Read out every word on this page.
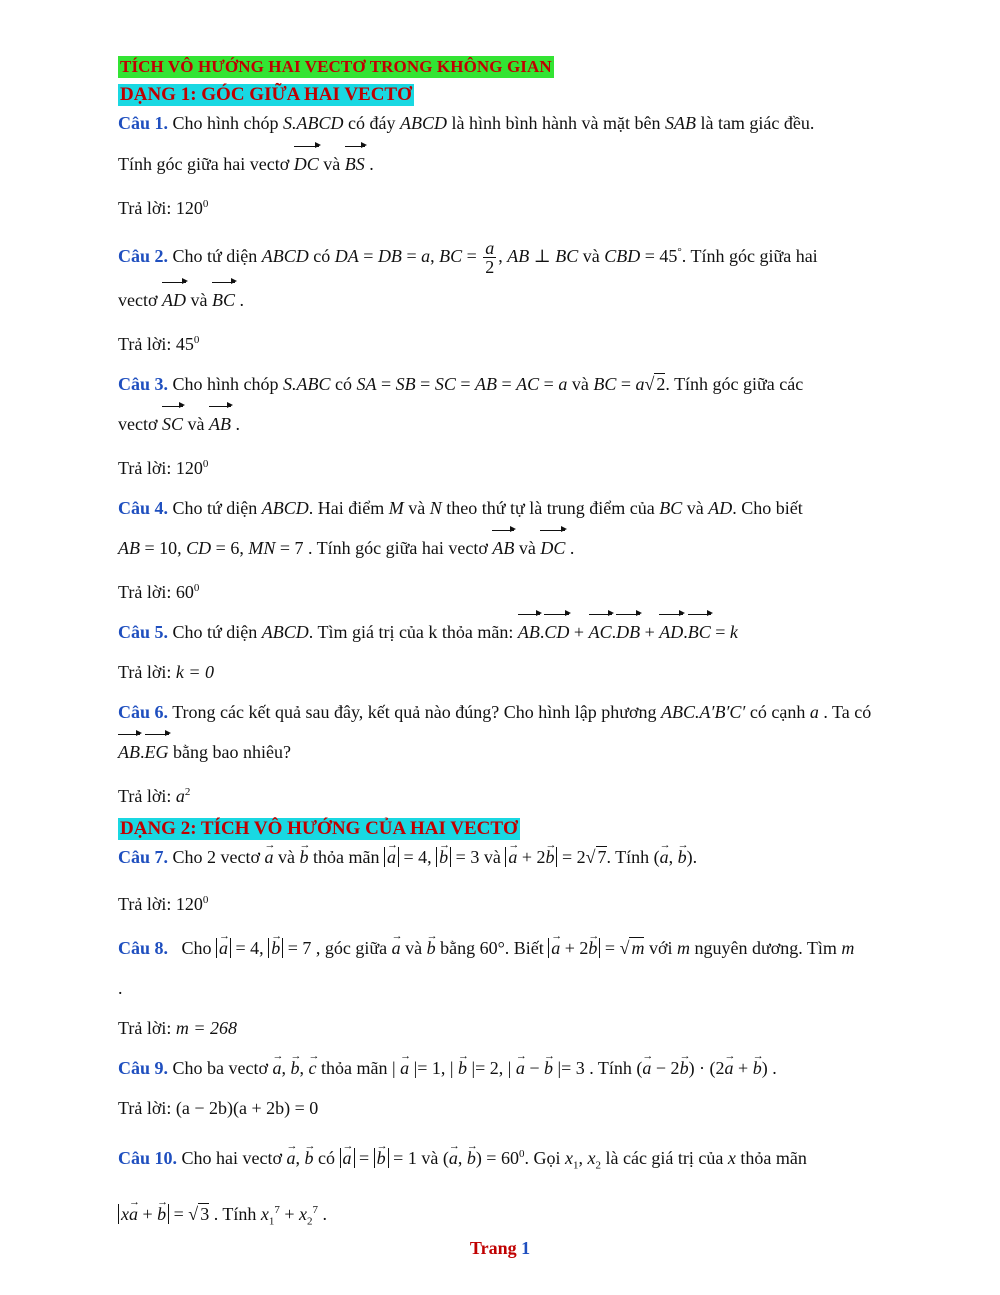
TÍCH VÔ HƯỚNG HAI VECTƠ TRONG KHÔNG GIAN
DẠNG 1: GÓC GIỮA HAI VECTƠ
Câu 1. Cho hình chóp S.ABCD có đáy ABCD là hình bình hành và mặt bên SAB là tam giác đều.
Tính góc giữa hai vectơ DC và BS .
Trả lời: $120^0$
Câu 2. Cho tứ diện ABCD có DA = DB = a, BC = $\frac{a}{2}$ , AB ⊥ BC và CBD = 45°. Tính góc giữa hai
vectơ AD và BC .
Trả lời: $45^0$
Câu 3. Cho hình chóp S.ABC có SA = SB = SC = AB = AC = a và BC = a√ 2. Tính góc giữa các
vectơ SC và AB .
Trả lời: $120^0$
Câu 4. Cho tứ diện ABCD. Hai điểm M và N theo thứ tự là trung điểm của BC và AD. Cho biết
AB = 10, CD = 6, MN = 7 . Tính góc giữa hai vectơ AB và DC .
Trả lời: $60^0$
Câu 5. Cho tứ diện ABCD. Tìm giá trị của k thỏa mãn: AB.CD + AC.DB + AD.BC = k
Trả lời: k = 0
Câu 6. Trong các kết quả sau đây, kết quả nào đúng? Cho hình lập phương ABC.A′B′C′ có cạnh a . Ta có
AB.EG bằng bao nhiêu?
Trả lời: $a^2$
DẠNG 2: TÍCH VÔ HƯỚNG CỦA HAI VECTƠ
Câu 7. Cho 2 vectơ a → và b → thỏa mãn a → = 4, b → = 3 và a → + 2b → = 2√ 7. Tính (a →, b →).
Trả lời: $120^0$
Câu 8.   Cho a → = 4, b → = 7 , góc giữa a → và b → bằng 60°. Biết a → + 2b → = √ m với m nguyên dương. Tìm m
.
Trả lời: m = 268
Câu 9. Cho ba vectơ a →, b →, c → thỏa mãn | a → |= 1, | b → |= 2, | a → − b → |= 3 . Tính (a → − 2b →) · (2a → + b →) .
Trả lời: (a − 2b)(a + 2b) = 0
Câu 10. Cho hai vectơ a →, b → có a → = b → = 1 và (a →, b →) = $60^0$. Gọi $x_1$, $x_2$ là các giá trị của x thỏa mãn
xa → + b → = √ 3 . Tính $x_1^7 + x_2^7$ .
Trang 1
